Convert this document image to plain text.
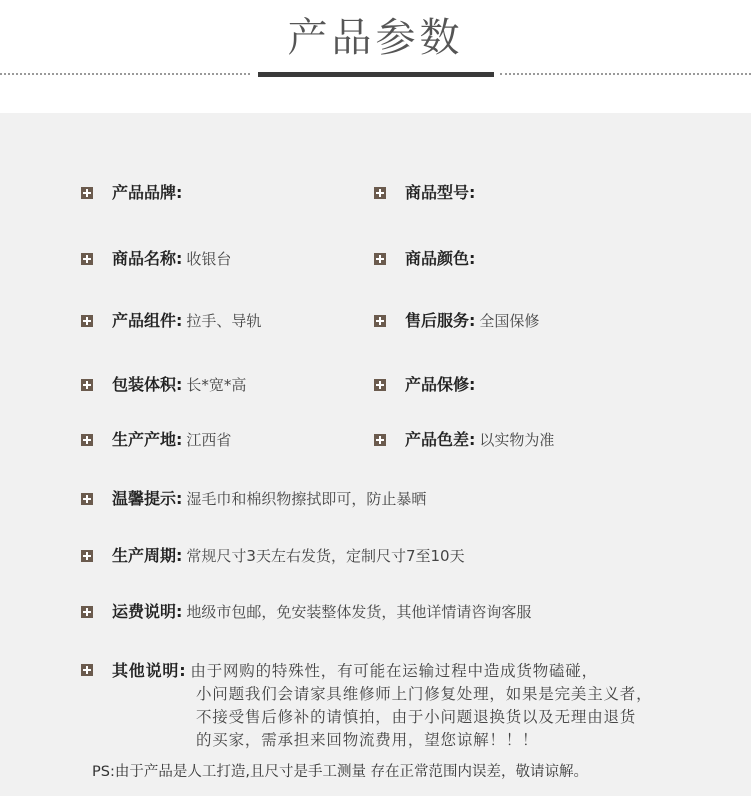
产品参数
产品品牌:	商品型号:
商品名称: 收银台	商品颜色:
产品组件: 拉手、导轨	售后服务: 全国保修
包装体积: 长*宽*高	产品保修:
生产产地: 江西省	产品色差: 以实物为准
温馨提示: 湿毛巾和棉织物擦拭即可，防止暴晒
生产周期: 常规尺寸3天左右发货，定制尺寸7至10天
运费说明: 地级市包邮，免安装整体发货，其他详情请咨询客服
其他说明: 由于网购的特殊性，有可能在运输过程中造成货物磕碰，
小问题我们会请家具维修师上门修复处理，如果是完美主义者，
不接受售后修补的请慎拍，由于小问题退换货以及无理由退货
的买家，需承担来回物流费用，望您谅解！！！
PS:由于产品是人工打造,且尺寸是手工测量 存在正常范围内误差，敬请谅解。
